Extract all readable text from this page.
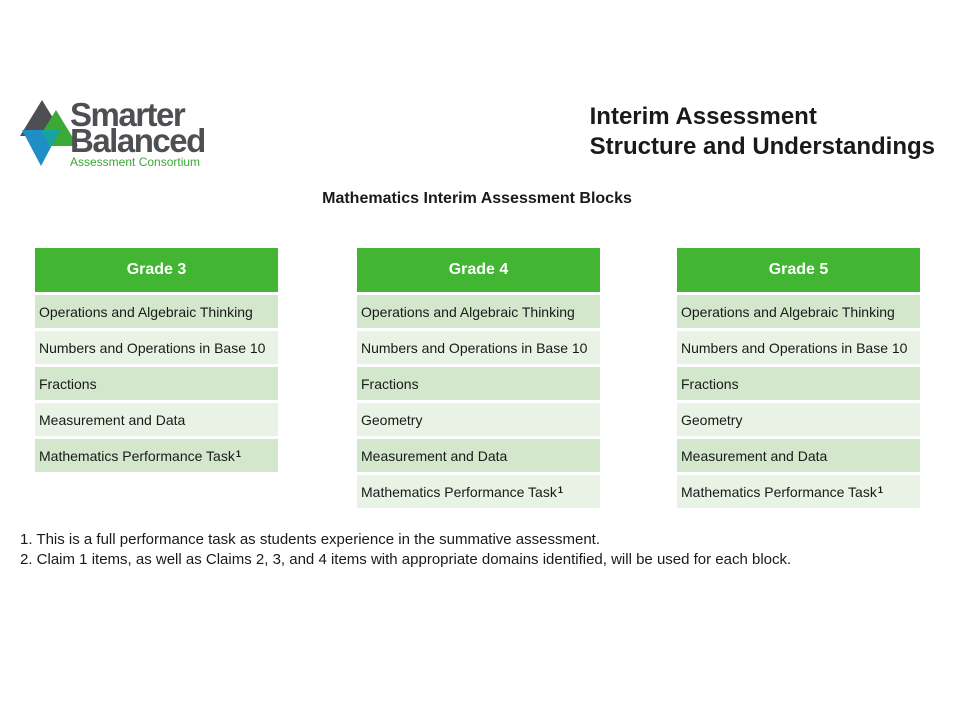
Smarter
Balanced
Assessment Consortium
Interim Assessment
Structure and Understandings
Mathematics Interim Assessment Blocks
Grade 3
Operations and Algebraic Thinking
Numbers and Operations in Base 10
Fractions
Measurement and Data
Mathematics Performance Task$^1$
Grade 4
Operations and Algebraic Thinking
Numbers and Operations in Base 10
Fractions
Geometry
Measurement and Data
Mathematics Performance Task$^1$
Grade 5
Operations and Algebraic Thinking
Numbers and Operations in Base 10
Fractions
Geometry
Measurement and Data
Mathematics Performance Task$^1$
1. This is a full performance task as students experience in the summative assessment.
2. Claim 1 items, as well as Claims 2, 3, and 4 items with appropriate domains identified, will be used for each block.
